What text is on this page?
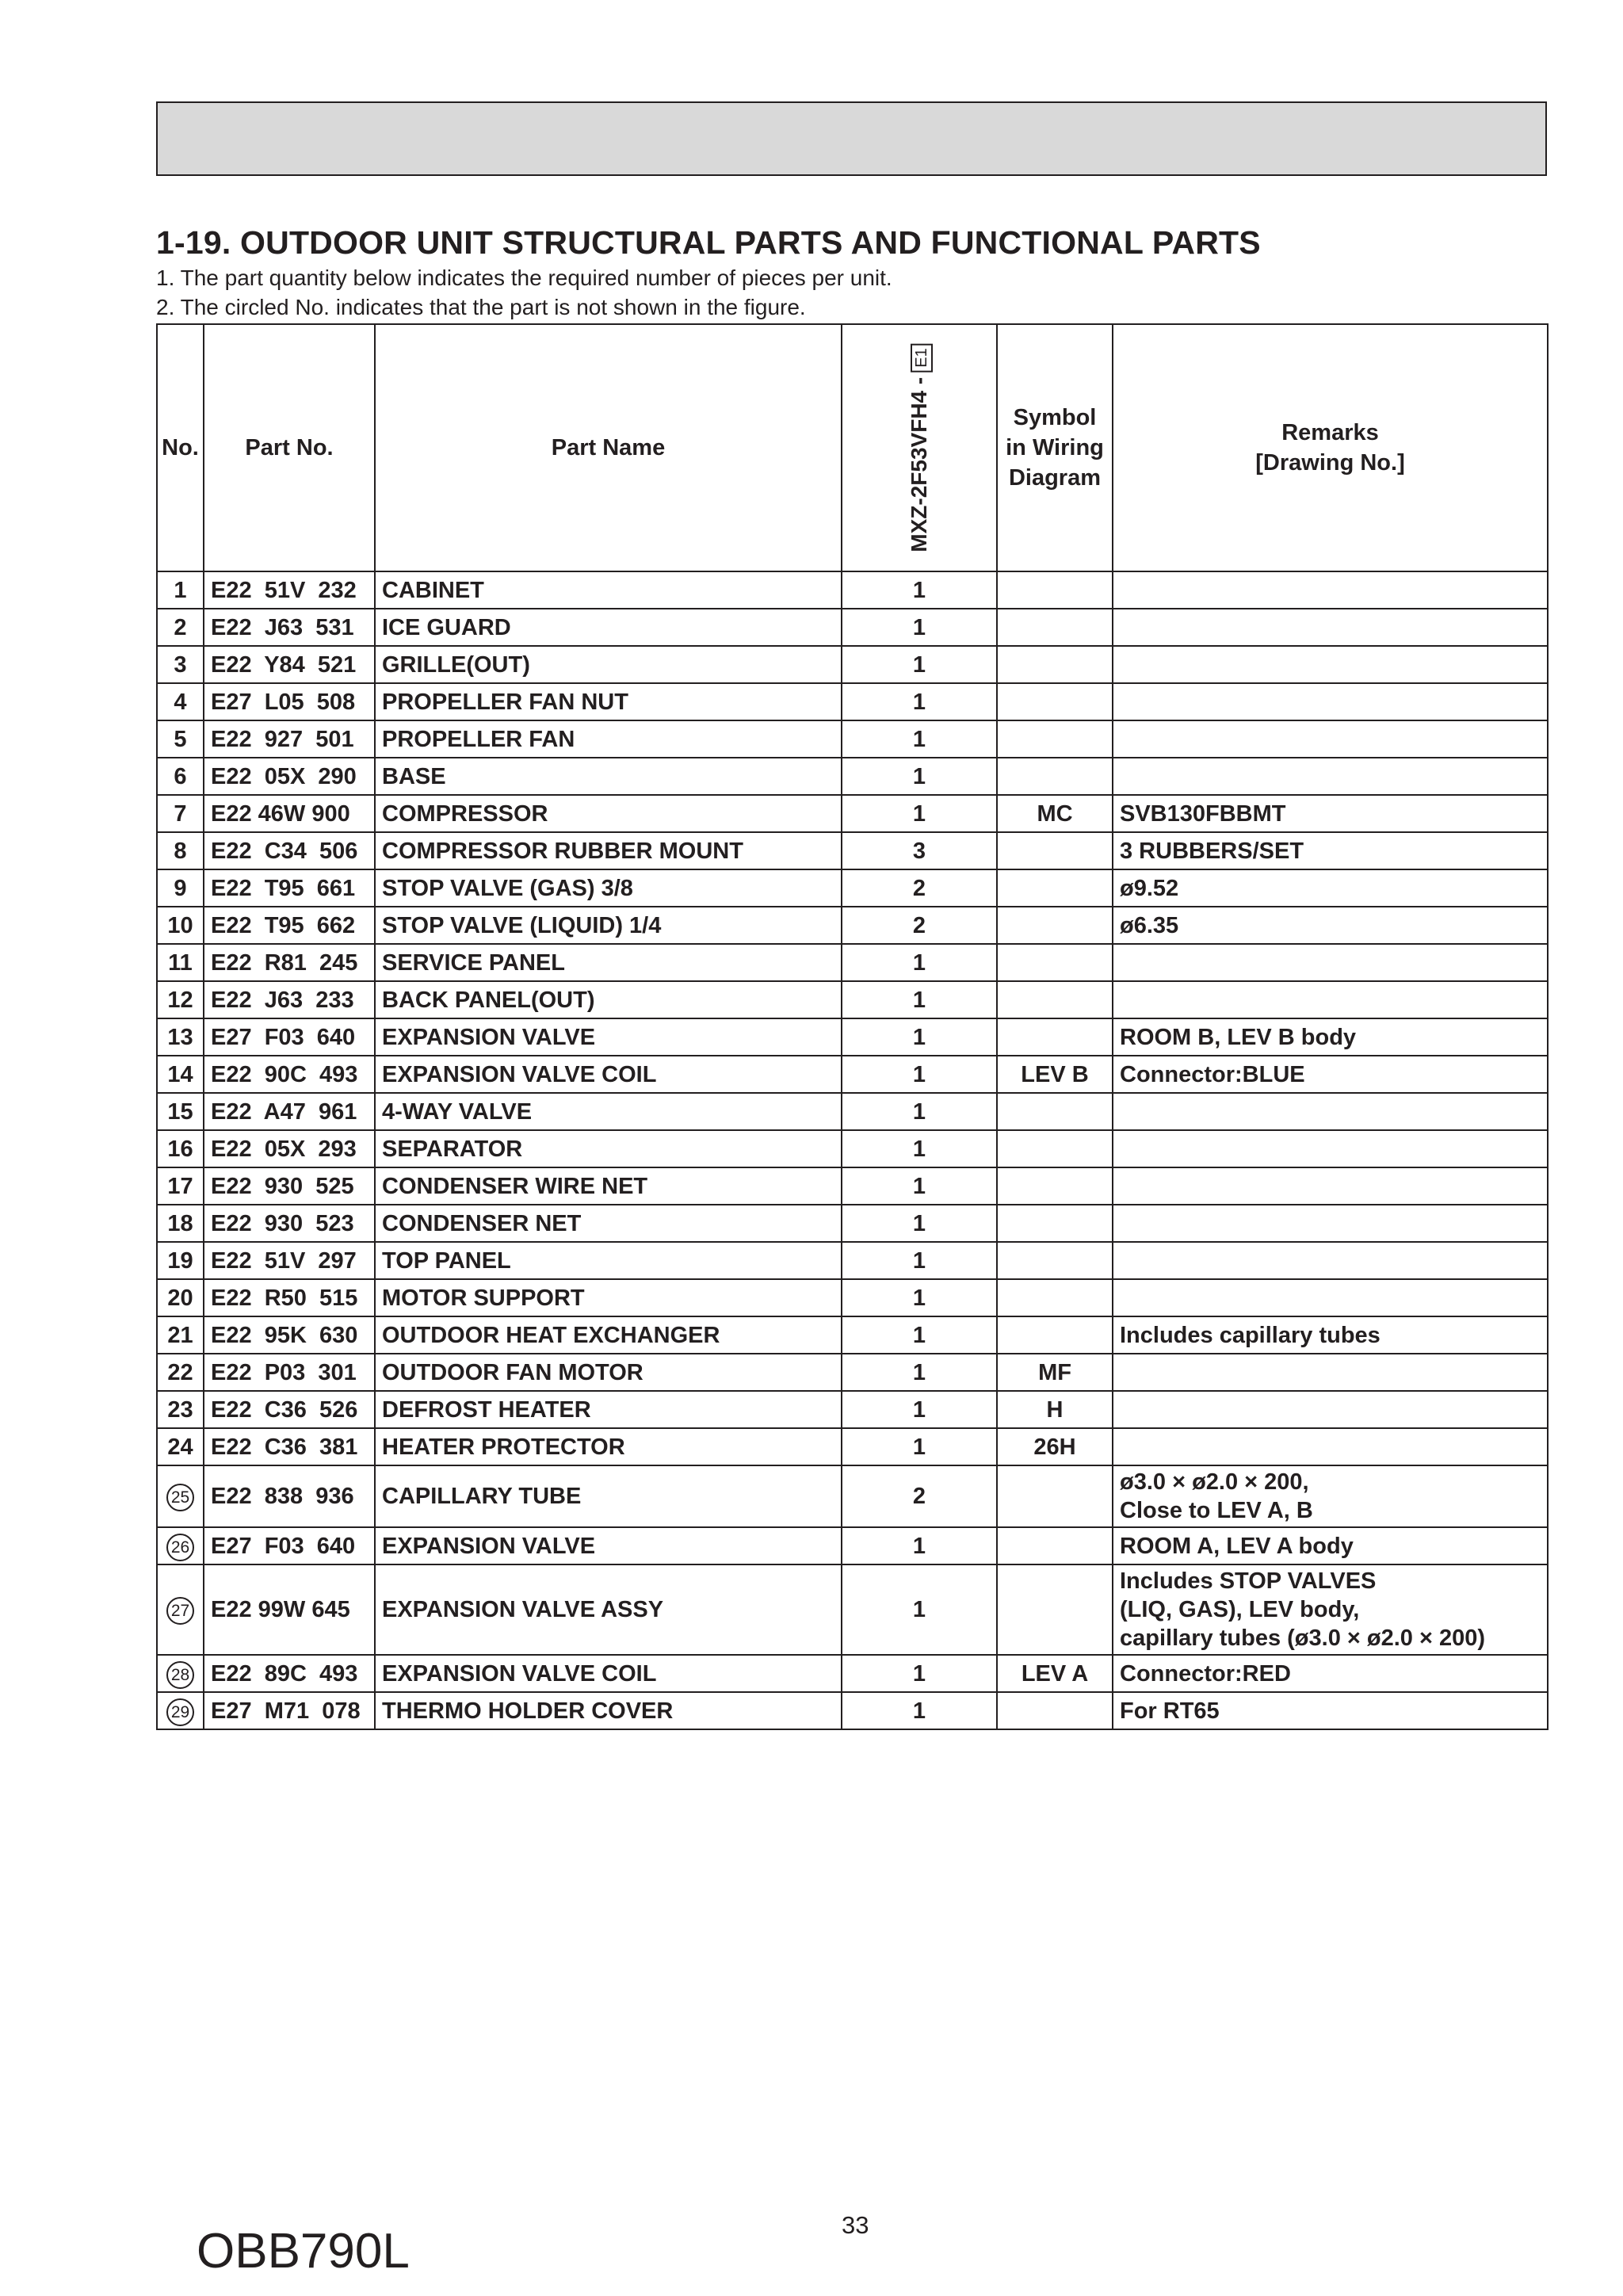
1-19. OUTDOOR UNIT STRUCTURAL PARTS AND FUNCTIONAL PARTS

1. The part quantity below indicates the required number of pieces per unit.

2. The circled No. indicates that the part is not shown in the figure.

No.	Part No.	Part Name	MXZ-2F53VFH4 -E1	Symbol
in Wiring
Diagram	Remarks
[Drawing No.]

1	E22  51V  232	CABINET	1		
2	E22  J63  531	ICE GUARD	1		
3	E22  Y84  521	GRILLE(OUT)	1		
4	E27  L05  508	PROPELLER FAN NUT	1		
5	E22  927  501	PROPELLER FAN	1		
6	E22  05X  290	BASE	1		
7	E22 46W 900	COMPRESSOR	1	MC	SVB130FBBMT
8	E22  C34  506	COMPRESSOR RUBBER MOUNT	3		3 RUBBERS/SET
9	E22  T95  661	STOP VALVE (GAS) 3/8	2		ø9.52
10	E22  T95  662	STOP VALVE (LIQUID) 1/4	2		ø6.35
11	E22  R81  245	SERVICE PANEL	1		
12	E22  J63  233	BACK PANEL(OUT)	1		
13	E27  F03  640	EXPANSION VALVE	1		ROOM B, LEV B body
14	E22  90C  493	EXPANSION VALVE COIL	1	LEV B	Connector:BLUE
15	E22  A47  961	4-WAY VALVE	1		
16	E22  05X  293	SEPARATOR	1		
17	E22  930  525	CONDENSER WIRE NET	1		
18	E22  930  523	CONDENSER NET	1		
19	E22  51V  297	TOP PANEL	1		
20	E22  R50  515	MOTOR SUPPORT	1		
21	E22  95K  630	OUTDOOR HEAT EXCHANGER	1		Includes capillary tubes
22	E22  P03  301	OUTDOOR FAN MOTOR	1	MF	
23	E22  C36  526	DEFROST HEATER	1	H	
24	E22  C36  381	HEATER PROTECTOR	1	26H	
25	E22  838  936	CAPILLARY TUBE	2		ø3.0 × ø2.0 × 200,
Close to LEV A, B
26	E27  F03  640	EXPANSION VALVE	1		ROOM A, LEV A body
27	E22 99W 645	EXPANSION VALVE ASSY	1		Includes STOP VALVES
(LIQ, GAS), LEV body,
capillary tubes (ø3.0 × ø2.0 × 200)
28	E22  89C  493	EXPANSION VALVE COIL	1	LEV A	Connector:RED
29	E27  M71  078	THERMO HOLDER COVER	1		For RT65
OBB790L	33
